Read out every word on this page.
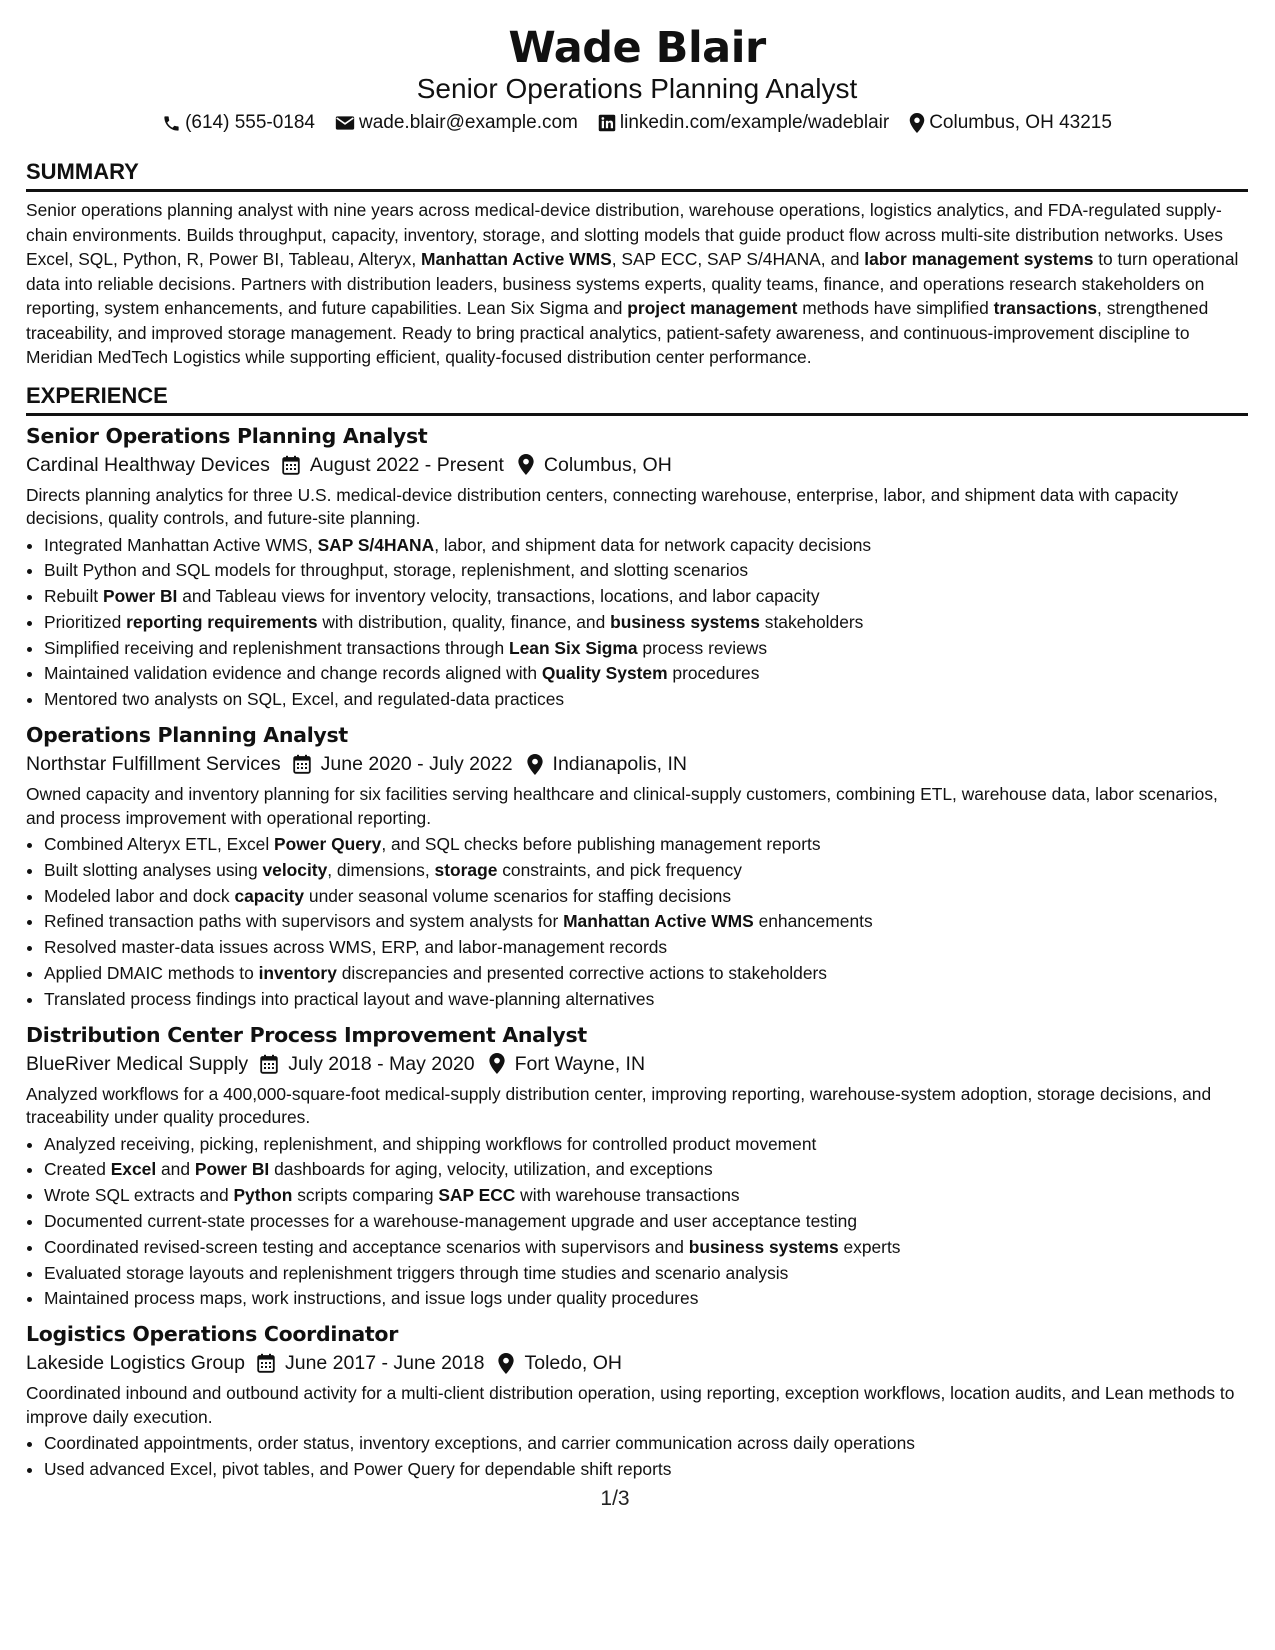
Wade Blair
Senior Operations Planning Analyst
(614) 555-0184 wade.blair@example.com linkedin.com/example/wadeblair Columbus, OH 43215
SUMMARY
Senior operations planning analyst with nine years across medical-device distribution, warehouse operations, logistics analytics, and FDA-regulated supply-chain environments. Builds throughput, capacity, inventory, storage, and slotting models that guide product flow across multi-site distribution networks. Uses Excel, SQL, Python, R, Power BI, Tableau, Alteryx, Manhattan Active WMS, SAP ECC, SAP S/4HANA, and labor management systems to turn operational data into reliable decisions. Partners with distribution leaders, business systems experts, quality teams, finance, and operations research stakeholders on reporting, system enhancements, and future capabilities. Lean Six Sigma and project management methods have simplified transactions, strengthened traceability, and improved storage management. Ready to bring practical analytics, patient-safety awareness, and continuous-improvement discipline to Meridian MedTech Logistics while supporting efficient, quality-focused distribution center performance.
EXPERIENCE
Senior Operations Planning Analyst
Cardinal Healthway Devices August 2022 - Present Columbus, OH
Directs planning analytics for three U.S. medical-device distribution centers, connecting warehouse, enterprise, labor, and shipment data with capacity decisions, quality controls, and future-site planning.
• Integrated Manhattan Active WMS, SAP S/4HANA, labor, and shipment data for network capacity decisions
• Built Python and SQL models for throughput, storage, replenishment, and slotting scenarios
• Rebuilt Power BI and Tableau views for inventory velocity, transactions, locations, and labor capacity
• Prioritized reporting requirements with distribution, quality, finance, and business systems stakeholders
• Simplified receiving and replenishment transactions through Lean Six Sigma process reviews
• Maintained validation evidence and change records aligned with Quality System procedures
• Mentored two analysts on SQL, Excel, and regulated-data practices
Operations Planning Analyst
Northstar Fulfillment Services June 2020 - July 2022 Indianapolis, IN
Owned capacity and inventory planning for six facilities serving healthcare and clinical-supply customers, combining ETL, warehouse data, labor scenarios, and process improvement with operational reporting.
• Combined Alteryx ETL, Excel Power Query, and SQL checks before publishing management reports
• Built slotting analyses using velocity, dimensions, storage constraints, and pick frequency
• Modeled labor and dock capacity under seasonal volume scenarios for staffing decisions
• Refined transaction paths with supervisors and system analysts for Manhattan Active WMS enhancements
• Resolved master-data issues across WMS, ERP, and labor-management records
• Applied DMAIC methods to inventory discrepancies and presented corrective actions to stakeholders
• Translated process findings into practical layout and wave-planning alternatives
Distribution Center Process Improvement Analyst
BlueRiver Medical Supply July 2018 - May 2020 Fort Wayne, IN
Analyzed workflows for a 400,000-square-foot medical-supply distribution center, improving reporting, warehouse-system adoption, storage decisions, and traceability under quality procedures.
• Analyzed receiving, picking, replenishment, and shipping workflows for controlled product movement
• Created Excel and Power BI dashboards for aging, velocity, utilization, and exceptions
• Wrote SQL extracts and Python scripts comparing SAP ECC with warehouse transactions
• Documented current-state processes for a warehouse-management upgrade and user acceptance testing
• Coordinated revised-screen testing and acceptance scenarios with supervisors and business systems experts
• Evaluated storage layouts and replenishment triggers through time studies and scenario analysis
• Maintained process maps, work instructions, and issue logs under quality procedures
Logistics Operations Coordinator
Lakeside Logistics Group June 2017 - June 2018 Toledo, OH
Coordinated inbound and outbound activity for a multi-client distribution operation, using reporting, exception workflows, location audits, and Lean methods to improve daily execution.
• Coordinated appointments, order status, inventory exceptions, and carrier communication across daily operations
• Used advanced Excel, pivot tables, and Power Query for dependable shift reports
1/3
